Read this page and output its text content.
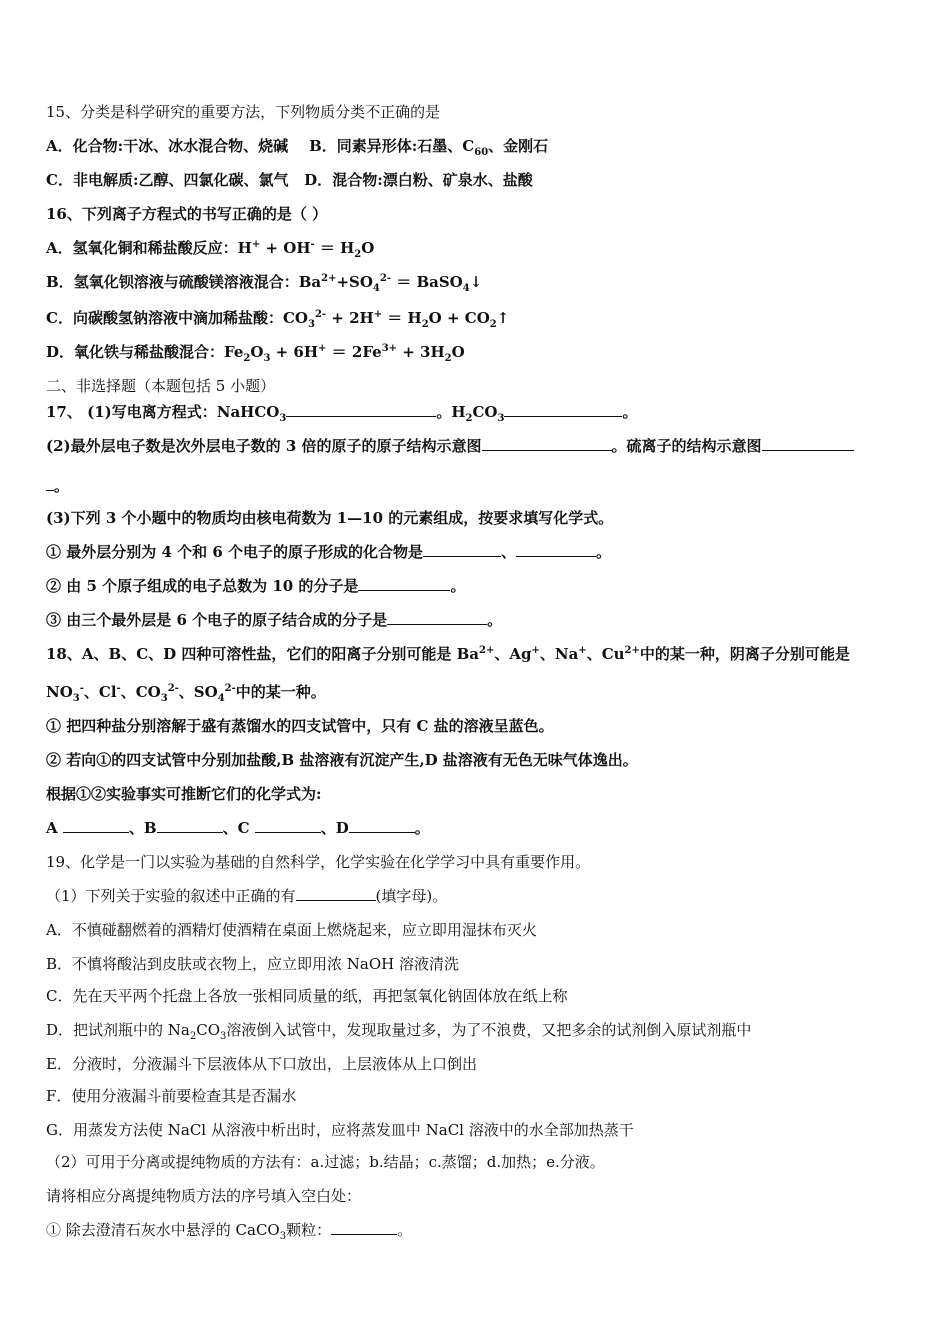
15、分类是科学研究的重要方法，下列物质分类不正确的是
A．化合物:干冰、冰水混合物、烧碱 B．同素异形体:石墨、$C_{60}$、金刚石
C．非电解质:乙醇、四氯化碳、氯气 D．混合物:漂白粉、矿泉水、盐酸
16、下列离子方程式的书写正确的是（ ）
A．氢氧化铜和稀盐酸反应：$H^+ + OH^- = H_2O$
B．氢氧化钡溶液与硫酸镁溶液混合：$Ba^{2+}+SO_4^{2-}$ ＝ BaSO$_4$↓
C．向碳酸氢钠溶液中滴加稀盐酸：$CO_3^{2-} + 2H^+ = H_2O$ + $CO_2↑$
D．氧化铁与稀盐酸混合：$Fe_2O_3 + 6H^+ = 2Fe^{3+} + 3H_2O$
二、非选择题（本题包括 5 小题）
17、 (1)写电离方程式：NaHCO$_3$	。$H_2CO_3$	。
(2)最外层电子数是次外层电子数的 3 倍的原子的原子结构示意图	。硫离子的结构示意图
。
(3)下列 3 个小题中的物质均由核电荷数为 1—10 的元素组成，按要求填写化学式。
① 最外层分别为 4 个和 6 个电子的原子形成的化合物是	、	。
② 由 5 个原子组成的电子总数为 10 的分子是	。
③ 由三个最外层是 6 个电子的原子结合成的分子是	。
18、A、B、C、D 四种可溶性盐，它们的阳离子分别可能是 $Ba^{2+}$、Ag+、Na+、$Cu^{2+}$中的某一种，阴离子分别可能是
$NO_3^-$、Cl-、$CO_3^{2-}$、$SO_4^{2-}$中的某一种。
① 把四种盐分别溶解于盛有蒸馏水的四支试管中，只有 C 盐的溶液呈蓝色。
② 若向①的四支试管中分别加盐酸,B 盐溶液有沉淀产生,D 盐溶液有无色无味气体逸出。
根据①②实验事实可推断它们的化学式为:
A	、B	、C	、D	。
19、化学是一门以实验为基础的自然科学，化学实验在化学学习中具有重要作用。
（1）下列关于实验的叙述中正确的有	(填字母)。
A．不慎碰翻燃着的酒精灯使酒精在桌面上燃烧起来，应立即用湿抹布灭火
B．不慎将酸沾到皮肤或衣物上，应立即用浓 NaOH 溶液清洗
C．先在天平两个托盘上各放一张相同质量的纸，再把氢氧化钠固体放在纸上称
D．把试剂瓶中的 $Na_2CO_3$溶液倒入试管中，发现取量过多，为了不浪费，又把多余的试剂倒入原试剂瓶中
E．分液时，分液漏斗下层液体从下口放出，上层液体从上口倒出
F．使用分液漏斗前要检查其是否漏水
G．用蒸发方法使 NaCl 从溶液中析出时，应将蒸发皿中 NaCl 溶液中的水全部加热蒸干
（2）可用于分离或提纯物质的方法有：a.过滤；b.结晶；c.蒸馏；d.加热；e.分液。
请将相应分离提纯物质方法的序号填入空白处：
① 除去澄清石灰水中悬浮的 CaCO$_3$颗粒：	。
